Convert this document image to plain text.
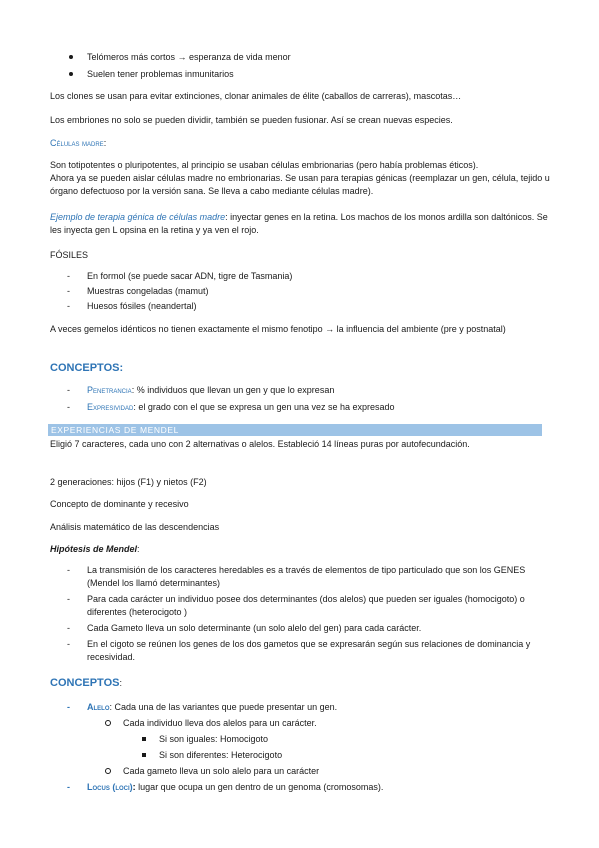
Telómeros más cortos → esperanza de vida menor
Suelen tener problemas inmunitarios

Los clones se usan para evitar extinciones, clonar animales de élite (caballos de carreras), mascotas…

Los embriones no solo se pueden dividir, también se pueden fusionar. Así se crean nuevas especies.

Células madre:

Son totipotentes o pluripotentes, al principio se usaban células embrionarias (pero había problemas éticos).

Ahora ya se pueden aislar células madre no embrionarias. Se usan para terapias génicas (reemplazar un gen, célula, tejido u órgano defectuoso por la versión sana. Se lleva a cabo mediante células madre).

Ejemplo de terapia génica de células madre: inyectar genes en la retina. Los machos de los monos ardilla son daltónicos. Se les inyecta gen L opsina en la retina y ya ven el rojo.

FÓSILES

- En formol (se puede sacar ADN, tigre de Tasmania)
- Muestras congeladas (mamut)
- Huesos fósiles (neandertal)

A veces gemelos idénticos no tienen exactamente el mismo fenotipo → la influencia del ambiente (pre y postnatal)

CONCEPTOS:

- Penetrancia: % individuos que llevan un gen y que lo expresan
- Expresividad: el grado con el que se expresa un gen una vez se ha expresado
EXPERIENCIAS DE MENDEL

Eligió 7 caracteres, cada uno con 2 alternativas o alelos. Estableció 14 líneas puras por autofecundación.

2 generaciones: hijos (F1) y nietos (F2)

Concepto de dominante y recesivo

Análisis matemático de las descendencias

Hipótesis de Mendel:

- La transmisión de los caracteres heredables es a través de elementos de tipo particulado que son los GENES (Mendel los llamó determinantes)
- Para cada carácter un individuo posee dos determinantes (dos alelos) que pueden ser iguales (homocigoto) o diferentes (heterocigoto )
- Cada Gameto lleva un solo determinante (un solo alelo del gen) para cada carácter.
- En el cigoto se reúnen los genes de los dos gametos que se expresarán según sus relaciones de dominancia y recesividad.

CONCEPTOS:

- Alelo: Cada una de las variantes que puede presentar un gen.
Cada individuo lleva dos alelos para un carácter.
Si son iguales: Homocigoto
Si son diferentes: Heterocigoto
Cada gameto lleva un solo alelo para un carácter
- Locus (loci): lugar que ocupa un gen dentro de un genoma (cromosomas).
